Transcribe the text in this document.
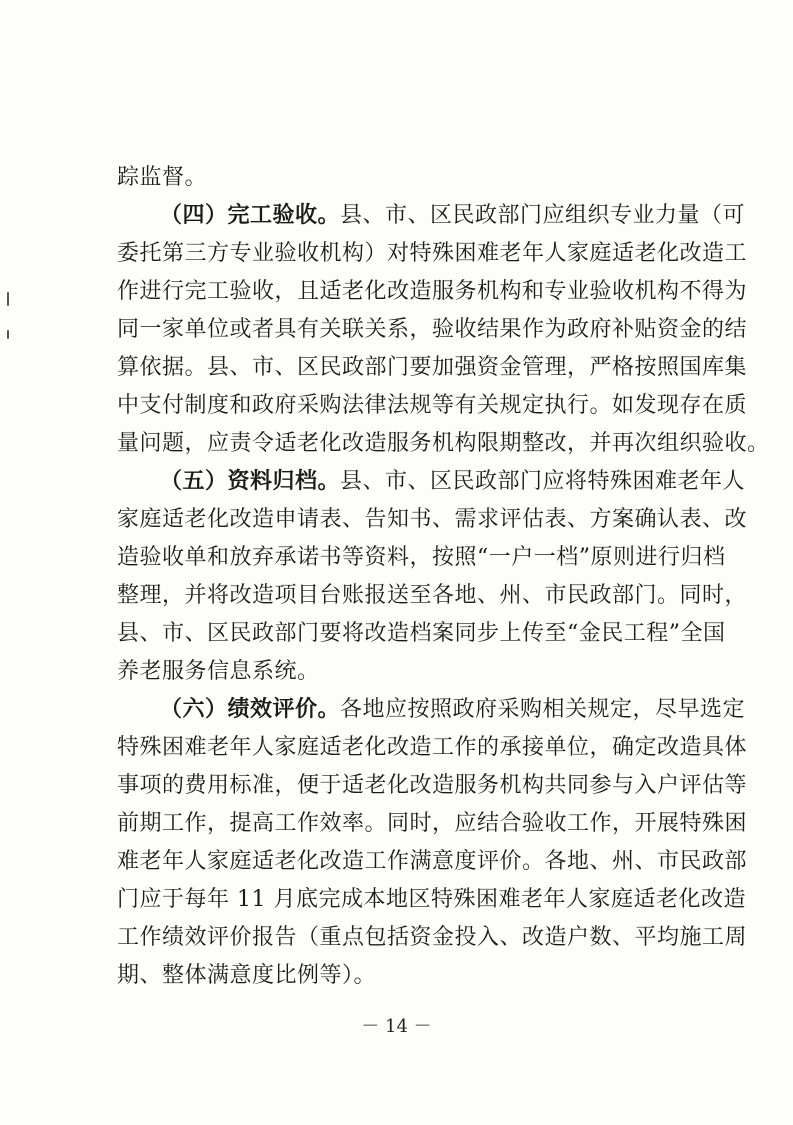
踪监督。
（四）完工验收。县、市、区民政部门应组织专业力量（可
委托第三方专业验收机构）对特殊困难老年人家庭适老化改造工
作进行完工验收，且适老化改造服务机构和专业验收机构不得为
同一家单位或者具有关联关系，验收结果作为政府补贴资金的结
算依据。县、市、区民政部门要加强资金管理，严格按照国库集
中支付制度和政府采购法律法规等有关规定执行。如发现存在质
量问题，应责令适老化改造服务机构限期整改，并再次组织验收。
（五）资料归档。县、市、区民政部门应将特殊困难老年人
家庭适老化改造申请表、告知书、需求评估表、方案确认表、改
造验收单和放弃承诺书等资料，按照“一户一档”原则进行归档
整理，并将改造项目台账报送至各地、州、市民政部门。同时，
县、市、区民政部门要将改造档案同步上传至“金民工程”全国
养老服务信息系统。
（六）绩效评价。各地应按照政府采购相关规定，尽早选定
特殊困难老年人家庭适老化改造工作的承接单位，确定改造具体
事项的费用标准，便于适老化改造服务机构共同参与入户评估等
前期工作，提高工作效率。同时，应结合验收工作，开展特殊困
难老年人家庭适老化改造工作满意度评价。各地、州、市民政部
门应于每年 11 月底完成本地区特殊困难老年人家庭适老化改造
工作绩效评价报告（重点包括资金投入、改造户数、平均施工周
期、整体满意度比例等）。
－ 14 －
